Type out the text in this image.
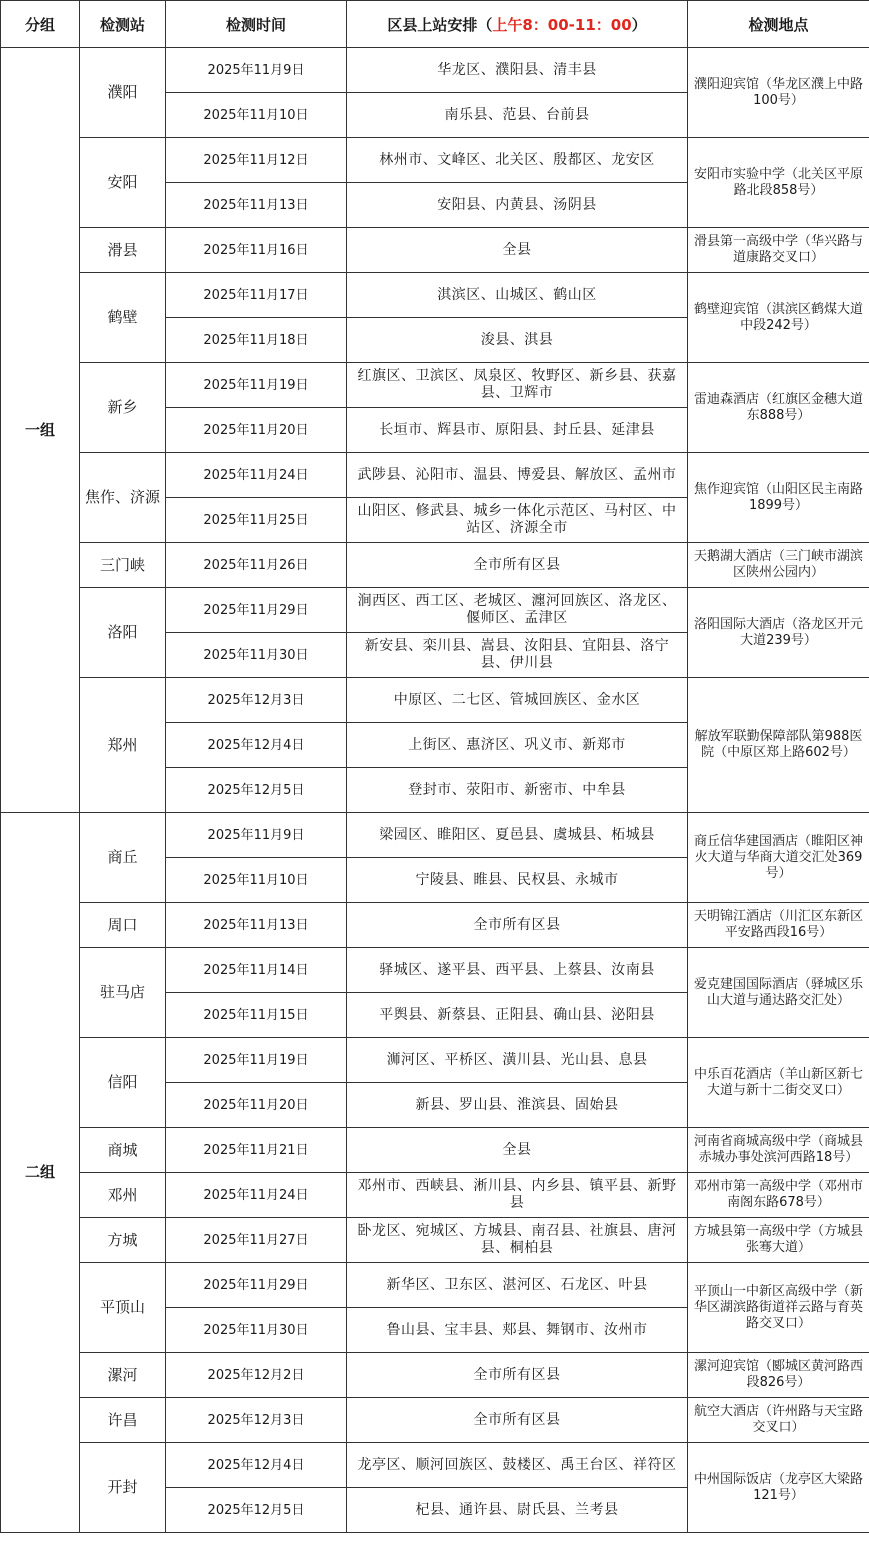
分组	检测站	检测时间	区县上站安排（上午8：00-11：00）	检测地点
一组	濮阳	2025年11月9日	华龙区、濮阳县、清丰县	濮阳迎宾馆（华龙区濮上中路100号）
		2025年11月10日	南乐县、范县、台前县	
	安阳	2025年11月12日	林州市、文峰区、北关区、殷都区、龙安区	安阳市实验中学（北关区平原路北段858号）
		2025年11月13日	安阳县、内黄县、汤阴县	
	滑县	2025年11月16日	全县	滑县第一高级中学（华兴路与道康路交叉口）
	鹤壁	2025年11月17日	淇滨区、山城区、鹤山区	鹤壁迎宾馆（淇滨区鹤煤大道中段242号）
		2025年11月18日	浚县、淇县	
	新乡	2025年11月19日	红旗区、卫滨区、凤泉区、牧野区、新乡县、获嘉县、卫辉市	雷迪森酒店（红旗区金穗大道东888号）
		2025年11月20日	长垣市、辉县市、原阳县、封丘县、延津县	
	焦作、济源	2025年11月24日	武陟县、沁阳市、温县、博爱县、解放区、孟州市	焦作迎宾馆（山阳区民主南路1899号）
		2025年11月25日	山阳区、修武县、城乡一体化示范区、马村区、中站区、济源全市	
	三门峡	2025年11月26日	全市所有区县	天鹅湖大酒店（三门峡市湖滨区陕州公园内）
	洛阳	2025年11月29日	涧西区、西工区、老城区、瀍河回族区、洛龙区、偃师区、孟津区	洛阳国际大酒店（洛龙区开元大道239号）
		2025年11月30日	新安县、栾川县、嵩县、汝阳县、宜阳县、洛宁县、伊川县	
	郑州	2025年12月3日	中原区、二七区、管城回族区、金水区	解放军联勤保障部队第988医院（中原区郑上路602号）
		2025年12月4日	上街区、惠济区、巩义市、新郑市	
		2025年12月5日	登封市、荥阳市、新密市、中牟县	
二组	商丘	2025年11月9日	梁园区、睢阳区、夏邑县、虞城县、柘城县	商丘信华建国酒店（睢阳区神火大道与华商大道交汇处369号）
		2025年11月10日	宁陵县、睢县、民权县、永城市	
	周口	2025年11月13日	全市所有区县	天明锦江酒店（川汇区东新区平安路西段16号）
	驻马店	2025年11月14日	驿城区、遂平县、西平县、上蔡县、汝南县	爱克建国国际酒店（驿城区乐山大道与通达路交汇处）
		2025年11月15日	平舆县、新蔡县、正阳县、确山县、泌阳县	
	信阳	2025年11月19日	浉河区、平桥区、潢川县、光山县、息县	中乐百花酒店（羊山新区新七大道与新十二街交叉口）
		2025年11月20日	新县、罗山县、淮滨县、固始县	
	商城	2025年11月21日	全县	河南省商城高级中学（商城县赤城办事处滨河西路18号）
	邓州	2025年11月24日	邓州市、西峡县、淅川县、内乡县、镇平县、新野县	邓州市第一高级中学（邓州市南阁东路678号）
	方城	2025年11月27日	卧龙区、宛城区、方城县、南召县、社旗县、唐河县、桐柏县	方城县第一高级中学（方城县张骞大道）
	平顶山	2025年11月29日	新华区、卫东区、湛河区、石龙区、叶县	平顶山一中新区高级中学（新华区湖滨路街道祥云路与育英路交叉口）
		2025年11月30日	鲁山县、宝丰县、郏县、舞钢市、汝州市	
	漯河	2025年12月2日	全市所有区县	漯河迎宾馆（郾城区黄河路西段826号）
	许昌	2025年12月3日	全市所有区县	航空大酒店（许州路与天宝路交叉口）
	开封	2025年12月4日	龙亭区、顺河回族区、鼓楼区、禹王台区、祥符区	中州国际饭店（龙亭区大梁路121号）
		2025年12月5日	杞县、通许县、尉氏县、兰考县	
